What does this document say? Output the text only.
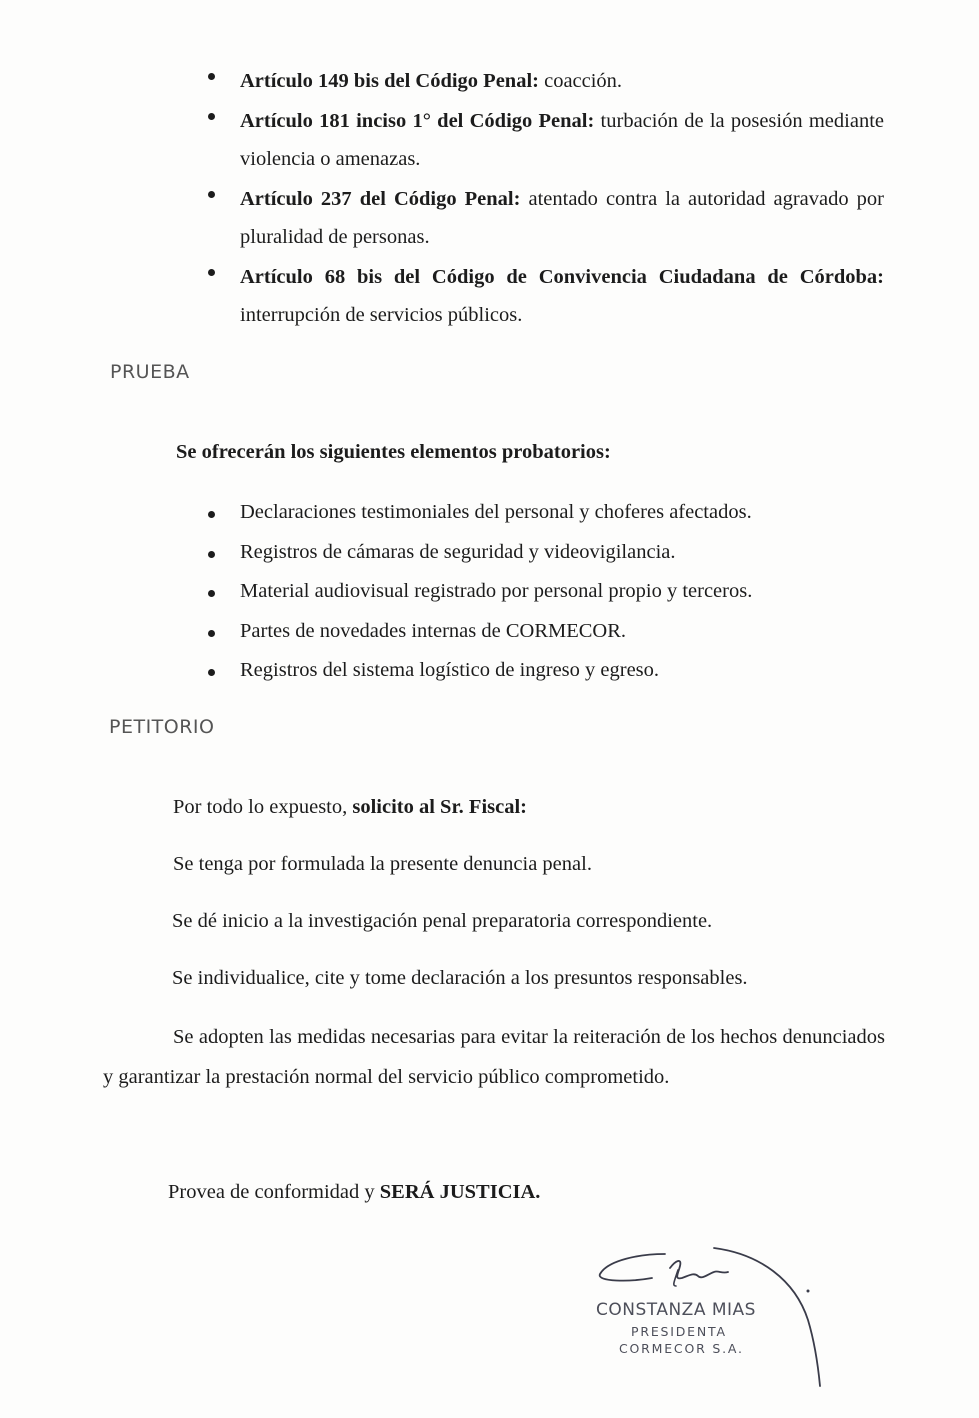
Artículo 149 bis del Código Penal: coacción.
Artículo 181 inciso 1° del Código Penal: turbación de la posesión mediante violencia o amenazas.
Artículo 237 del Código Penal: atentado contra la autoridad agravado por pluralidad de personas.
Artículo 68 bis del Código de Convivencia Ciudadana de Córdoba: interrupción de servicios públicos.
PRUEBA
Se ofrecerán los siguientes elementos probatorios:
Declaraciones testimoniales del personal y choferes afectados.
Registros de cámaras de seguridad y videovigilancia.
Material audiovisual registrado por personal propio y terceros.
Partes de novedades internas de CORMECOR.
Registros del sistema logístico de ingreso y egreso.
PETITORIO
Por todo lo expuesto, solicito al Sr. Fiscal:
Se tenga por formulada la presente denuncia penal.
Se dé inicio a la investigación penal preparatoria correspondiente.
Se individualice, cite y tome declaración a los presuntos responsables.
Se adopten las medidas necesarias para evitar la reiteración de los hechos denunciados y garantizar la prestación normal del servicio público comprometido.
Provea de conformidad y SERÁ JUSTICIA.
CONSTANZA MIAS
PRESIDENTA
CORMECOR S.A.
